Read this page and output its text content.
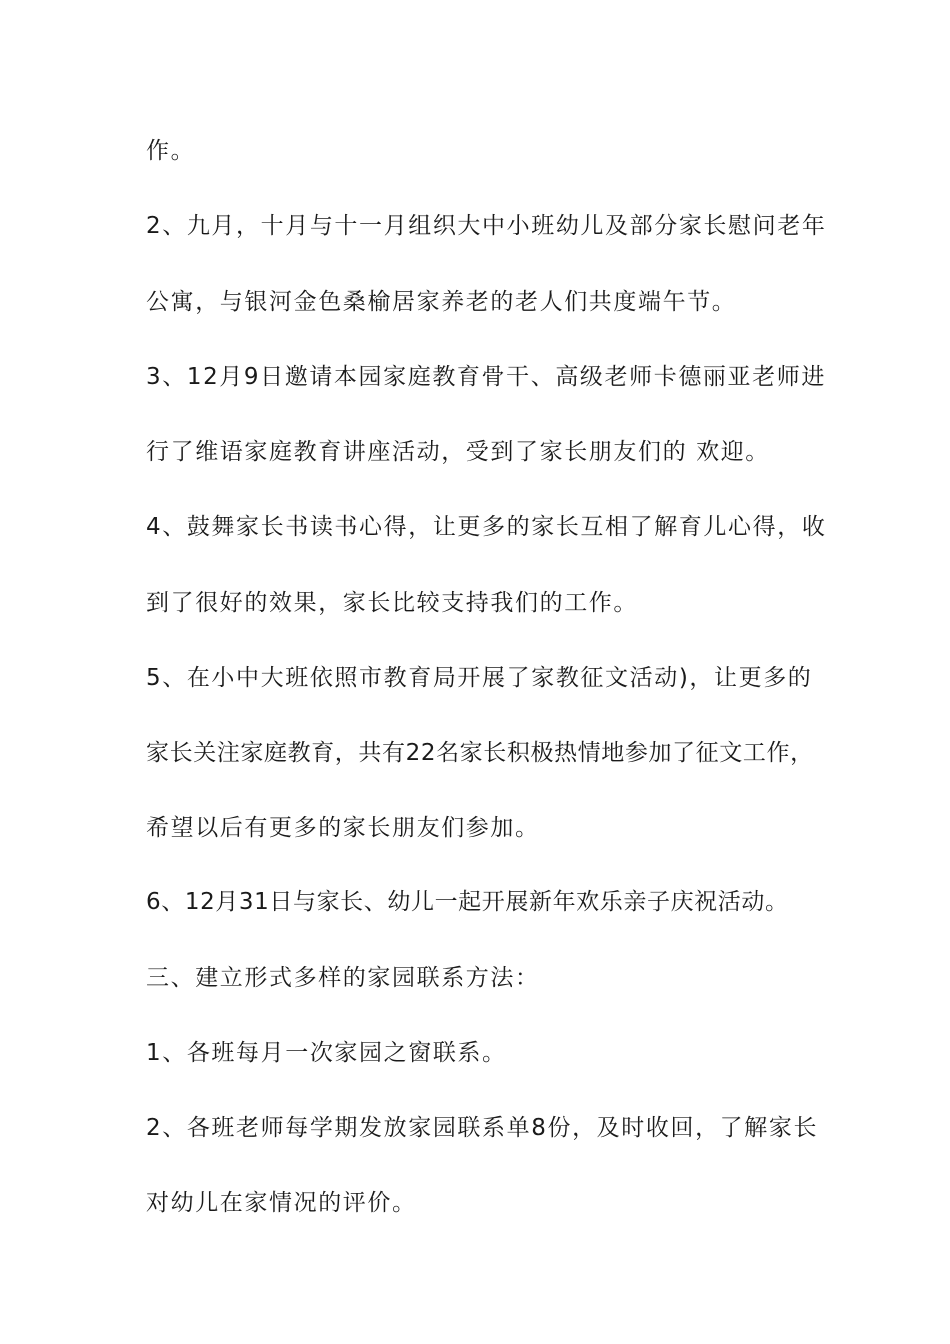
作。
2、九月，十月与十一月组织大中小班幼儿及部分家长慰问老年
公寓，与银河金色桑榆居家养老的老人们共度端午节。
3、12月9日邀请本园家庭教育骨干、高级老师卡德丽亚老师进
行了维语家庭教育讲座活动，受到了家长朋友们的 欢迎。
4、鼓舞家长书读书心得，让更多的家长互相了解育儿心得，收
到了很好的效果，家长比较支持我们的工作。
5、在小中大班依照市教育局开展了家教征文活动)，让更多的
家长关注家庭教育，共有22名家长积极热情地参加了征文工作，
希望以后有更多的家长朋友们参加。
6、12月31日与家长、幼儿一起开展新年欢乐亲子庆祝活动。
三、建立形式多样的家园联系方法：
1、各班每月一次家园之窗联系。
2、各班老师每学期发放家园联系单8份，及时收回，了解家长
对幼儿在家情况的评价。
